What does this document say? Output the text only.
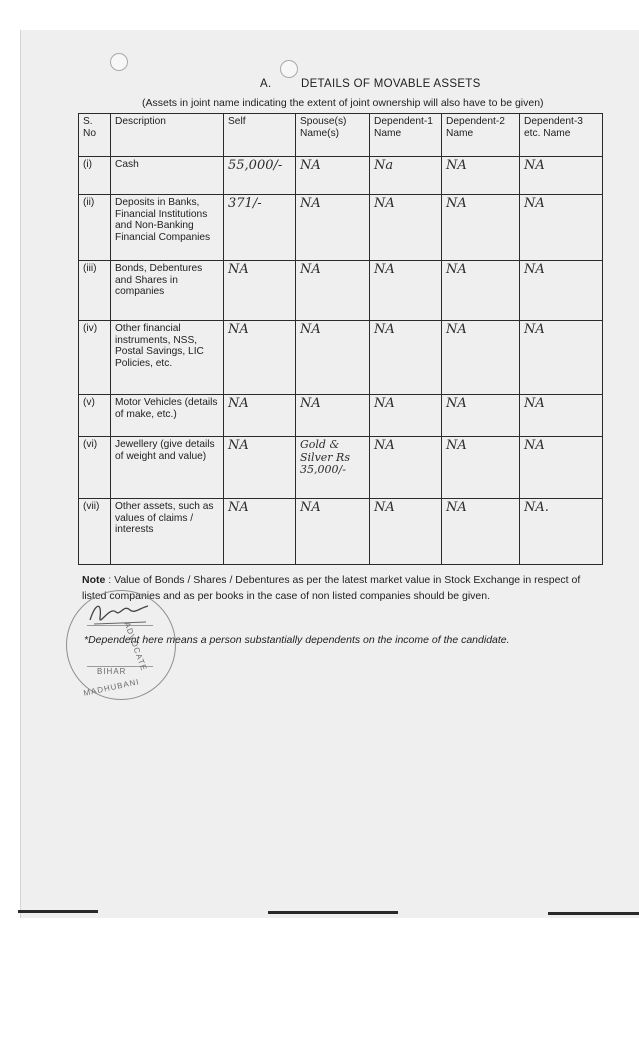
A.	DETAILS OF MOVABLE ASSETS
(Assets in joint name indicating the extent of joint ownership will also have to be given)
S. No	Description	Self	Spouse(s) Name(s)	Dependent-1 Name	Dependent-2 Name	Dependent-3 etc. Name
(i)	Cash	55,000/-	NA	Na	NA	NA
(ii)	Deposits in Banks, Financial Institutions and Non-Banking Financial Companies	371/-	NA	NA	NA	NA
(iii)	Bonds, Debentures and Shares in companies	NA	NA	NA	NA	NA
(iv)	Other financial instruments, NSS, Postal Savings, LIC Policies, etc.	NA	NA	NA	NA	NA
(v)	Motor Vehicles (details of make, etc.)	NA	NA	NA	NA	NA
(vi)	Jewellery (give details of weight and value)	NA	Gold & Silver Rs 35,000/-	NA	NA	NA
(vii)	Other assets, such as values of claims / interests	NA	NA	NA	NA	NA.
Note : Value of Bonds / Shares / Debentures as per the latest market value in Stock Exchange in respect of listed companies and as per books in the case of non listed companies should be given.
*Dependent here means a person substantially dependents on the income of the candidate.
ADVOCATE
BIHAR
MADHUBANI
